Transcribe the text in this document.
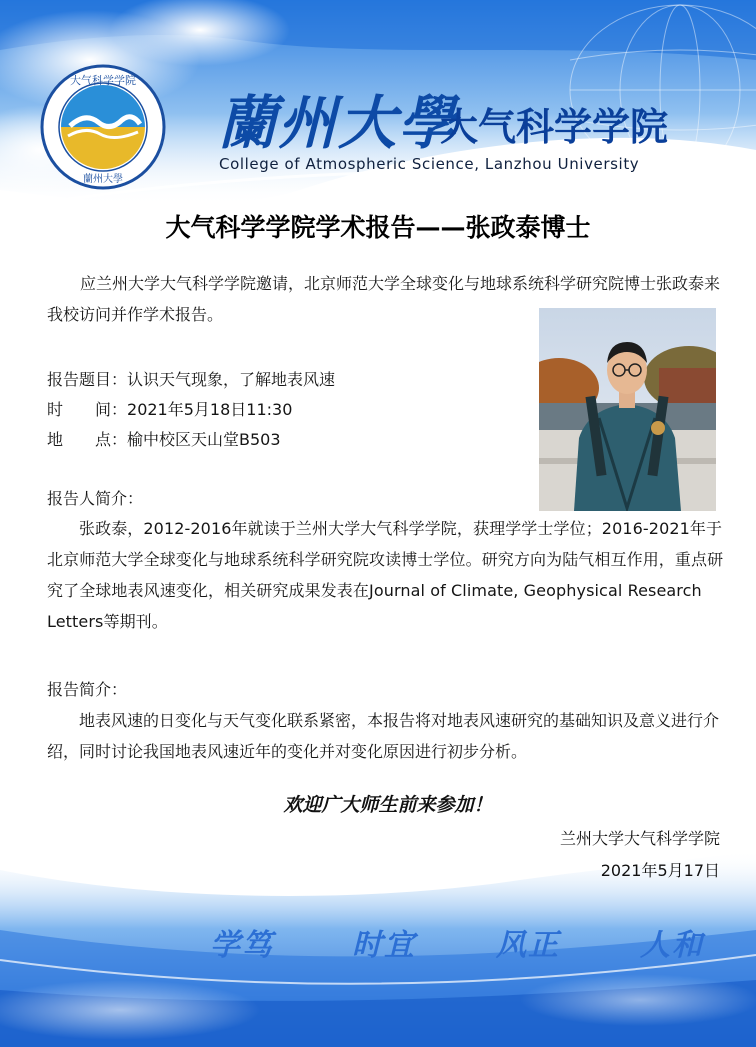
大气科学学院
蘭州大學
蘭州大學
大气科学学院
College of Atmospheric Science, Lanzhou University
大气科学学院学术报告——张政泰博士
应兰州大学大气科学学院邀请，北京师范大学全球变化与地球系统科学研究院博士张政泰来我校访问并作学术报告。
报告题目：认识天气现象，了解地表风速
时　　间：2021年5月18日11:30
地　　点：榆中校区天山堂B503
报告人简介：
张政泰，2012-2016年就读于兰州大学大气科学学院，获理学学士学位；2016-2021年于北京师范大学全球变化与地球系统科学研究院攻读博士学位。研究方向为陆气相互作用，重点研究了全球地表风速变化，相关研究成果发表在Journal of Climate, Geophysical Research Letters等期刊。
报告简介：
地表风速的日变化与天气变化联系紧密，本报告将对地表风速研究的基础知识及意义进行介绍，同时讨论我国地表风速近年的变化并对变化原因进行初步分析。
欢迎广大师生前来参加！
兰州大学大气科学学院
2021年5月17日
学笃	时宜	风正	人和
